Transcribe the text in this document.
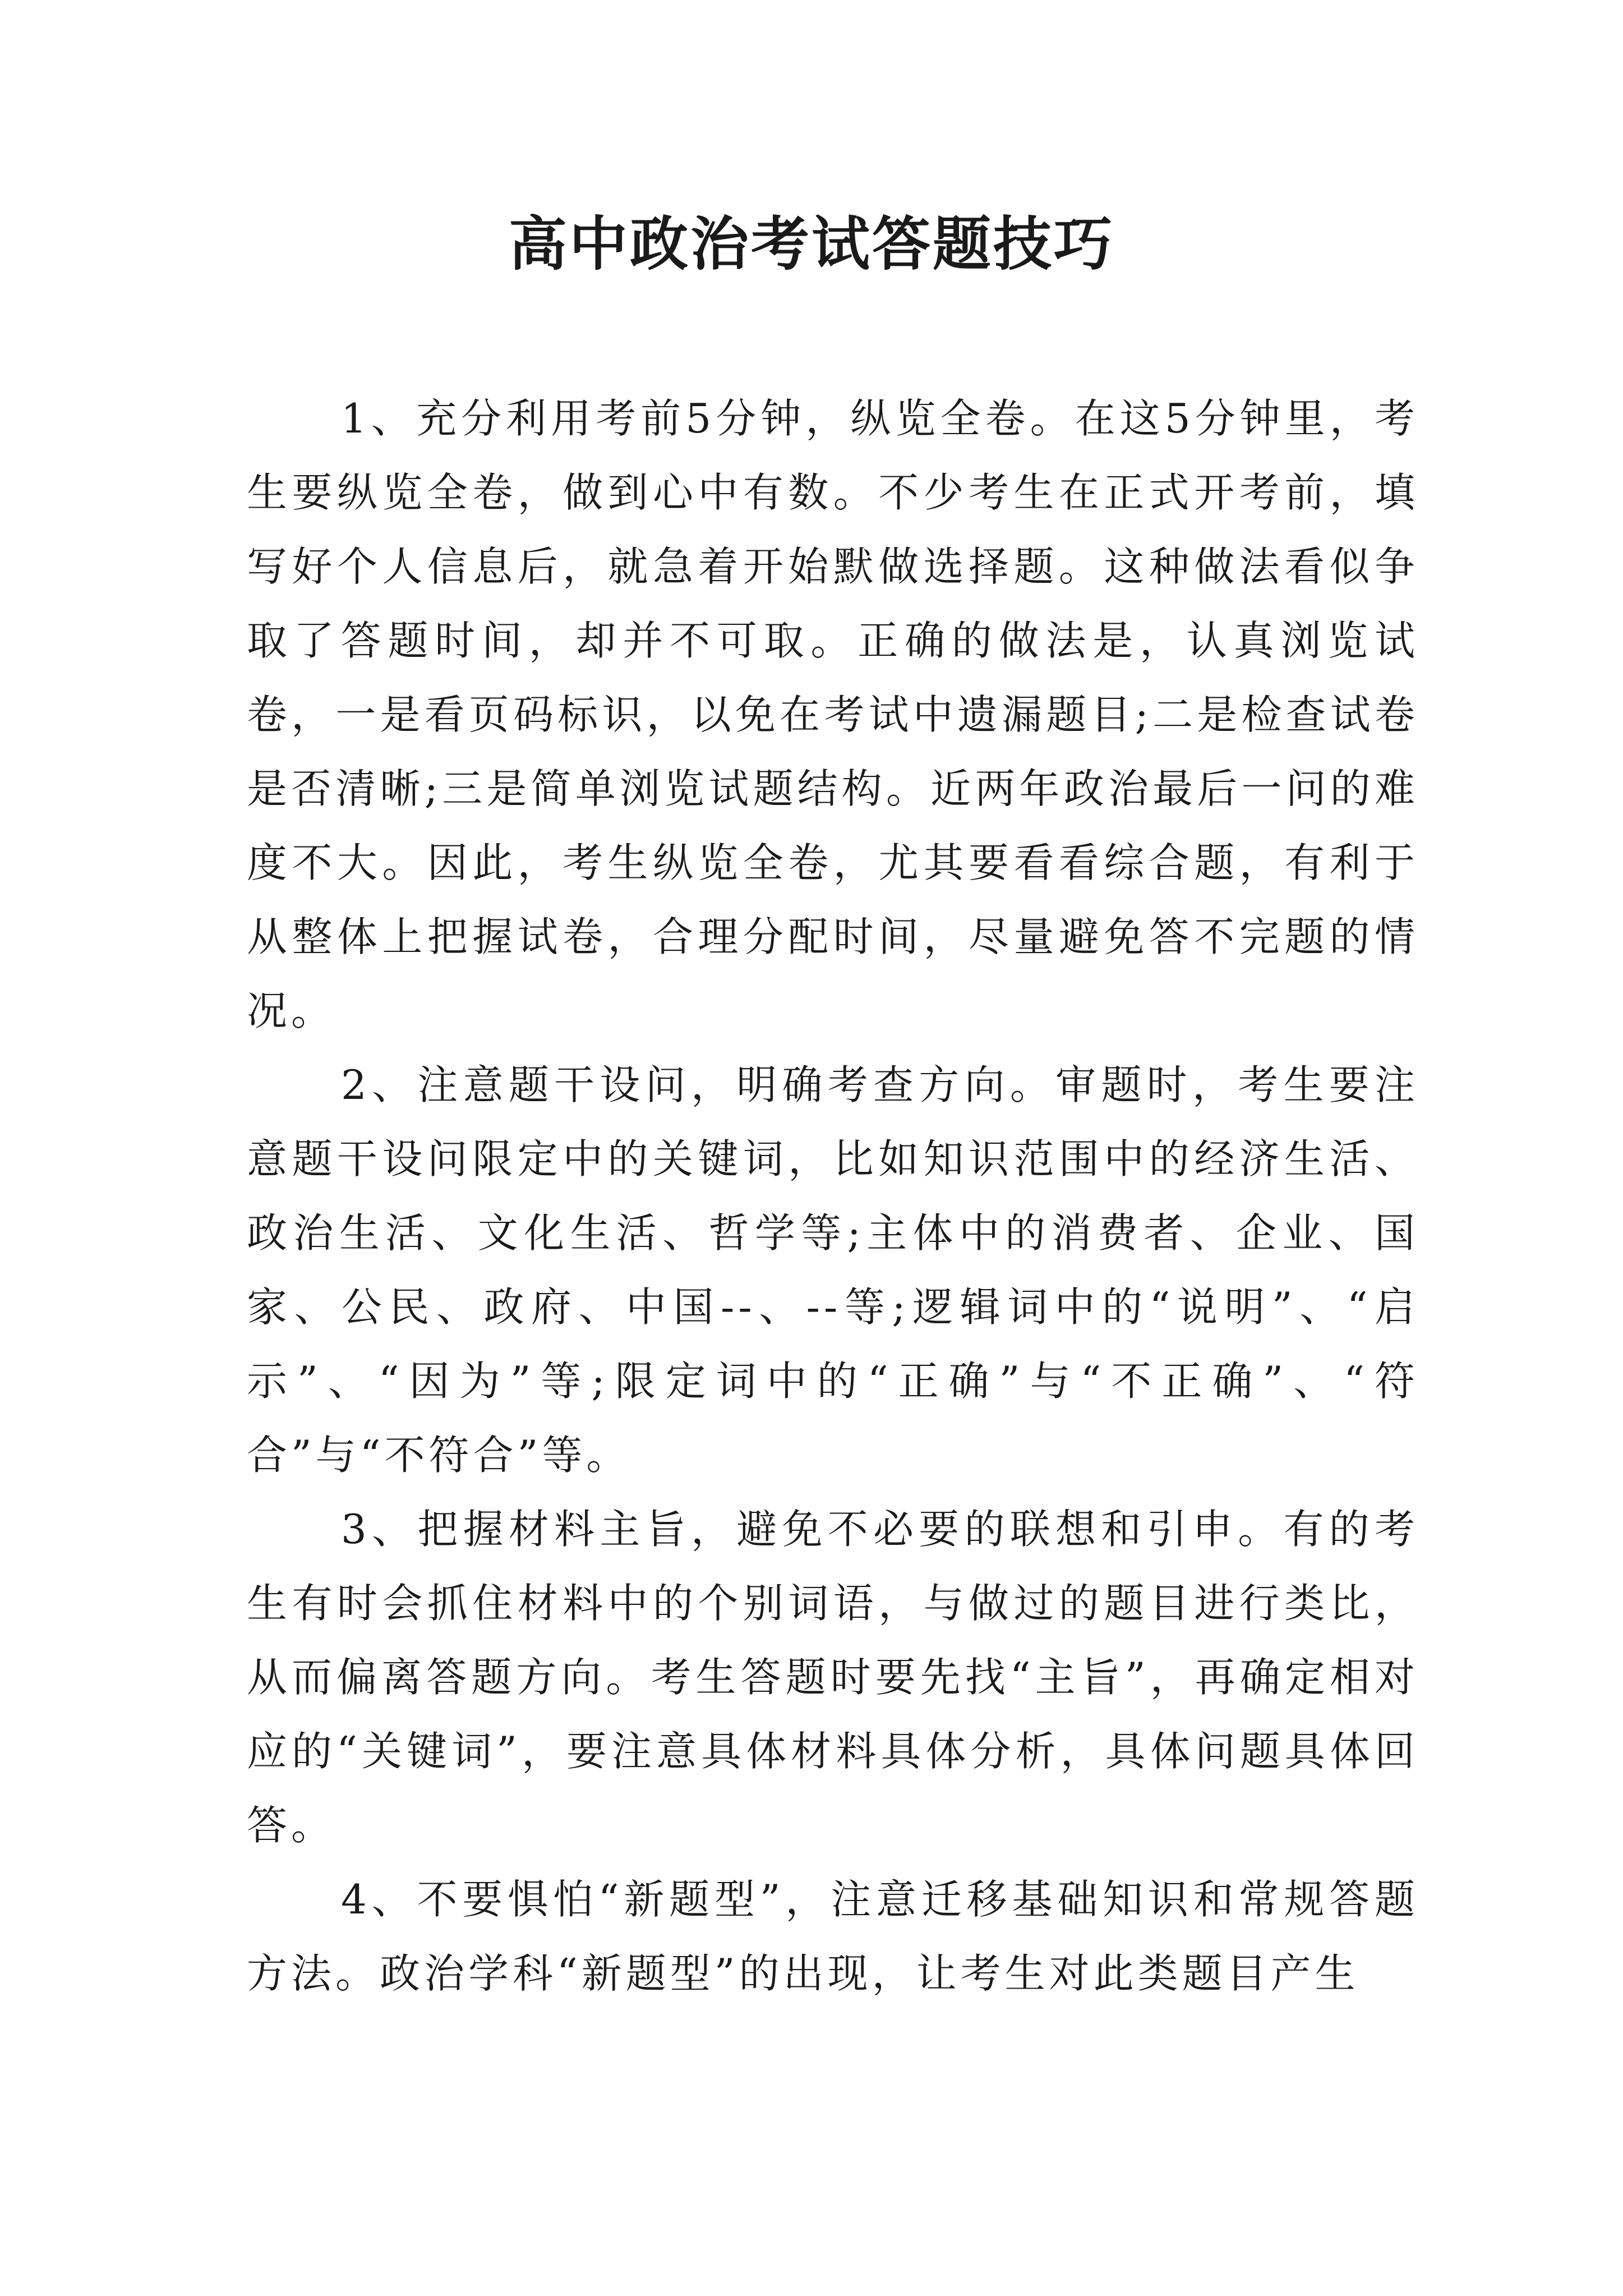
高中政治考试答题技巧

1、充分利用考前5分钟，纵览全卷。在这5分钟里，考生要纵览全卷，做到心中有数。不少考生在正式开考前，填写好个人信息后，就急着开始默做选择题。这种做法看似争取了答题时间，却并不可取。正确的做法是，认真浏览试卷，一是看页码标识，以免在考试中遗漏题目;二是检查试卷是否清晰;三是简单浏览试题结构。近两年政治最后一问的难度不大。因此，考生纵览全卷，尤其要看看综合题，有利于从整体上把握试卷，合理分配时间，尽量避免答不完题的情况。

2、注意题干设问，明确考查方向。审题时，考生要注意题干设问限定中的关键词，比如知识范围中的经济生活、政治生活、文化生活、哲学等;主体中的消费者、企业、国家、公民、政府、中国--、--等;逻辑词中的“说明”、“启示”、“因为”等;限定词中的“正确”与“不正确”、“符合”与“不符合”等。

3、把握材料主旨，避免不必要的联想和引申。有的考生有时会抓住材料中的个别词语，与做过的题目进行类比，从而偏离答题方向。考生答题时要先找“主旨”，再确定相对应的“关键词”，要注意具体材料具体分析，具体问题具体回答。

4、不要惧怕“新题型”，注意迁移基础知识和常规答题方法。政治学科“新题型”的出现，让考生对此类题目产生
